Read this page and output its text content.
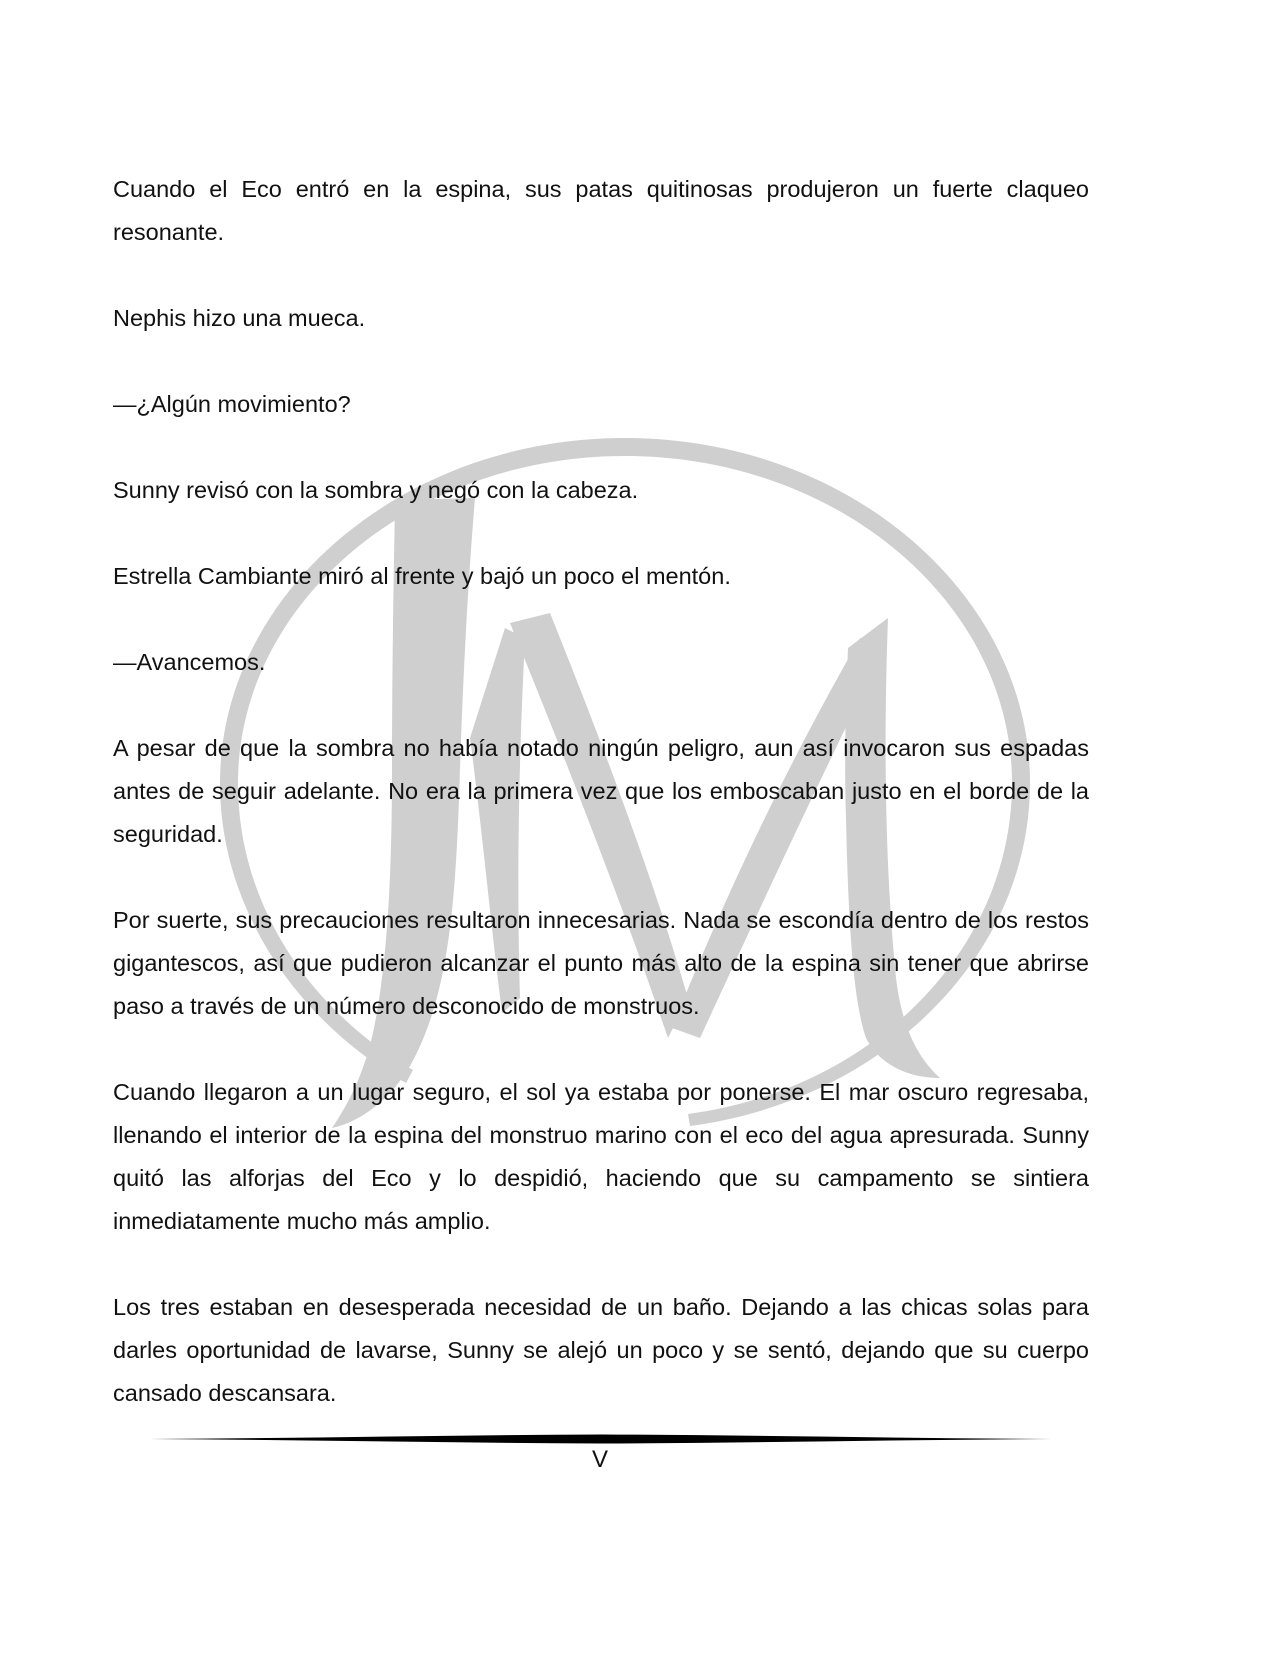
Cuando el Eco entró en la espina, sus patas quitinosas produjeron un fuerte claqueo resonante.

Nephis hizo una mueca.

—¿Algún movimiento?

Sunny revisó con la sombra y negó con la cabeza.

Estrella Cambiante miró al frente y bajó un poco el mentón.

—Avancemos.

A pesar de que la sombra no había notado ningún peligro, aun así invocaron sus espadas antes de seguir adelante. No era la primera vez que los emboscaban justo en el borde de la seguridad.

Por suerte, sus precauciones resultaron innecesarias. Nada se escondía dentro de los restos gigantescos, así que pudieron alcanzar el punto más alto de la espina sin tener que abrirse paso a través de un número desconocido de monstruos.

Cuando llegaron a un lugar seguro, el sol ya estaba por ponerse. El mar oscuro regresaba, llenando el interior de la espina del monstruo marino con el eco del agua apresurada. Sunny quitó las alforjas del Eco y lo despidió, haciendo que su campamento se sintiera inmediatamente mucho más amplio.

Los tres estaban en desesperada necesidad de un baño. Dejando a las chicas solas para darles oportunidad de lavarse, Sunny se alejó un poco y se sentó, dejando que su cuerpo cansado descansara.

V
